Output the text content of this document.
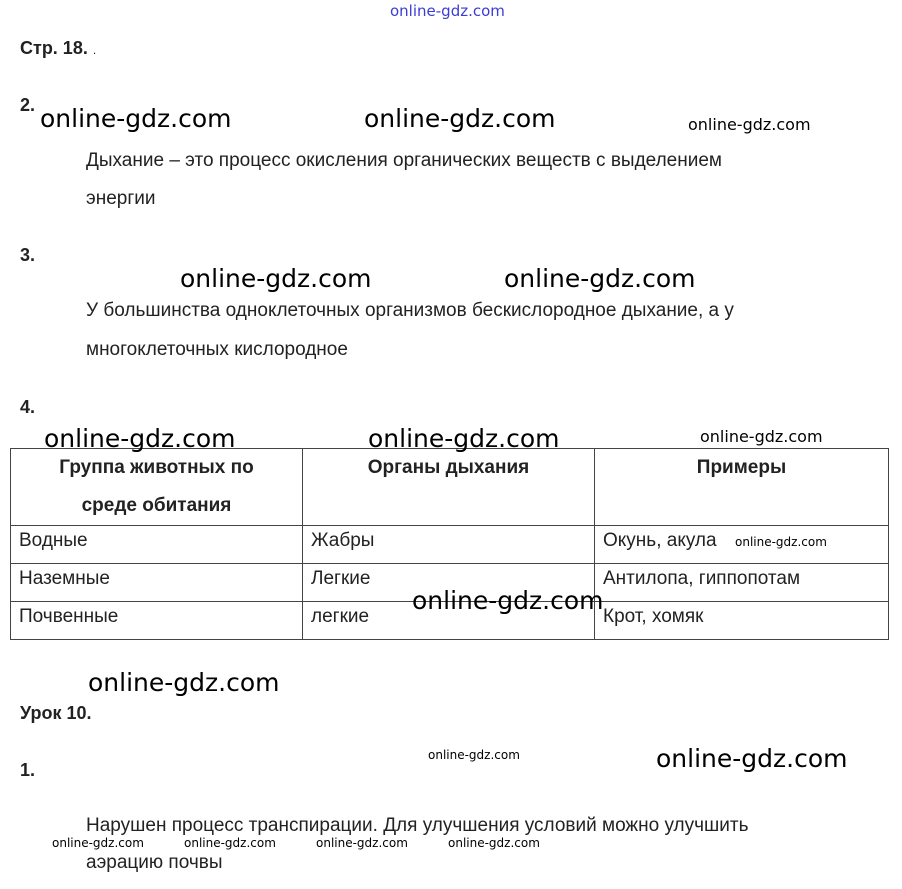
online-gdz.com
Стр. 18. .
2. online-gdz.com	online-gdz.com	online-gdz.com
Дыхание – это процесс окисления органических веществ с выделением
энергии
3.
online-gdz.com	online-gdz.com
У большинства одноклеточных организмов бескислородное дыхание, а у
многоклеточных кислородное
4.
Группа животных по
среде обитания	Органы дыхания	Примеры

Водные	Жабры	Окунь, акула
Наземные	Легкие	Антилопа, гиппопотам
Почвенные	легкие	Крот, хомяк
online-gdz.com	online-gdz.com	online-gdz.com
online-gdz.com
online-gdz.com
online-gdz.com
Урок 10.
online-gdz.com	online-gdz.com
1.
Нарушен процесс транспирации. Для улучшения условий можно улучшить
online-gdz.com	online-gdz.com	online-gdz.com	online-gdz.com
аэрацию почвы
